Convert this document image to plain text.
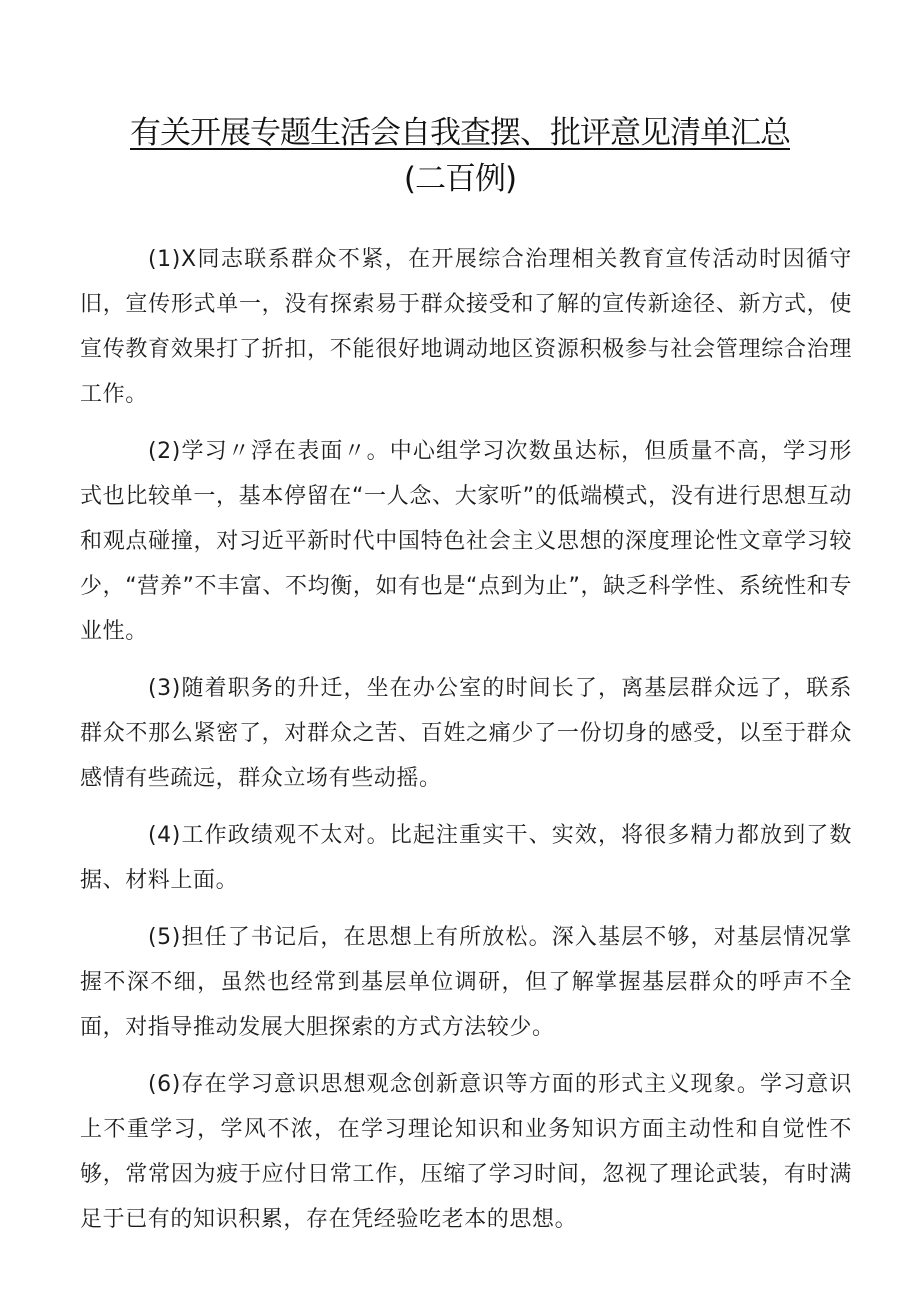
有关开展专题生活会自我查摆、批评意见清单汇总
(二百例)

(1)X同志联系群众不紧，在开展综合治理相关教育宣传活动时因循守旧，宣传形式单一，没有探索易于群众接受和了解的宣传新途径、新方式，使宣传教育效果打了折扣，不能很好地调动地区资源积极参与社会管理综合治理工作。

(2)学习〃浮在表面〃。中心组学习次数虽达标，但质量不高，学习形式也比较单一，基本停留在“一人念、大家听”的低端模式，没有进行思想互动和观点碰撞，对习近平新时代中国特色社会主义思想的深度理论性文章学习较少，“营养”不丰富、不均衡，如有也是“点到为止”，缺乏科学性、系统性和专业性。

(3)随着职务的升迁，坐在办公室的时间长了，离基层群众远了，联系群众不那么紧密了，对群众之苦、百姓之痛少了一份切身的感受，以至于群众感情有些疏远，群众立场有些动摇。

(4)工作政绩观不太对。比起注重实干、实效，将很多精力都放到了数据、材料上面。

(5)担任了书记后，在思想上有所放松。深入基层不够，对基层情况掌握不深不细，虽然也经常到基层单位调研，但了解掌握基层群众的呼声不全面，对指导推动发展大胆探索的方式方法较少。

(6)存在学习意识思想观念创新意识等方面的形式主义现象。学习意识上不重学习，学风不浓，在学习理论知识和业务知识方面主动性和自觉性不够，常常因为疲于应付日常工作，压缩了学习时间，忽视了理论武装，有时满足于已有的知识积累，存在凭经验吃老本的思想。
